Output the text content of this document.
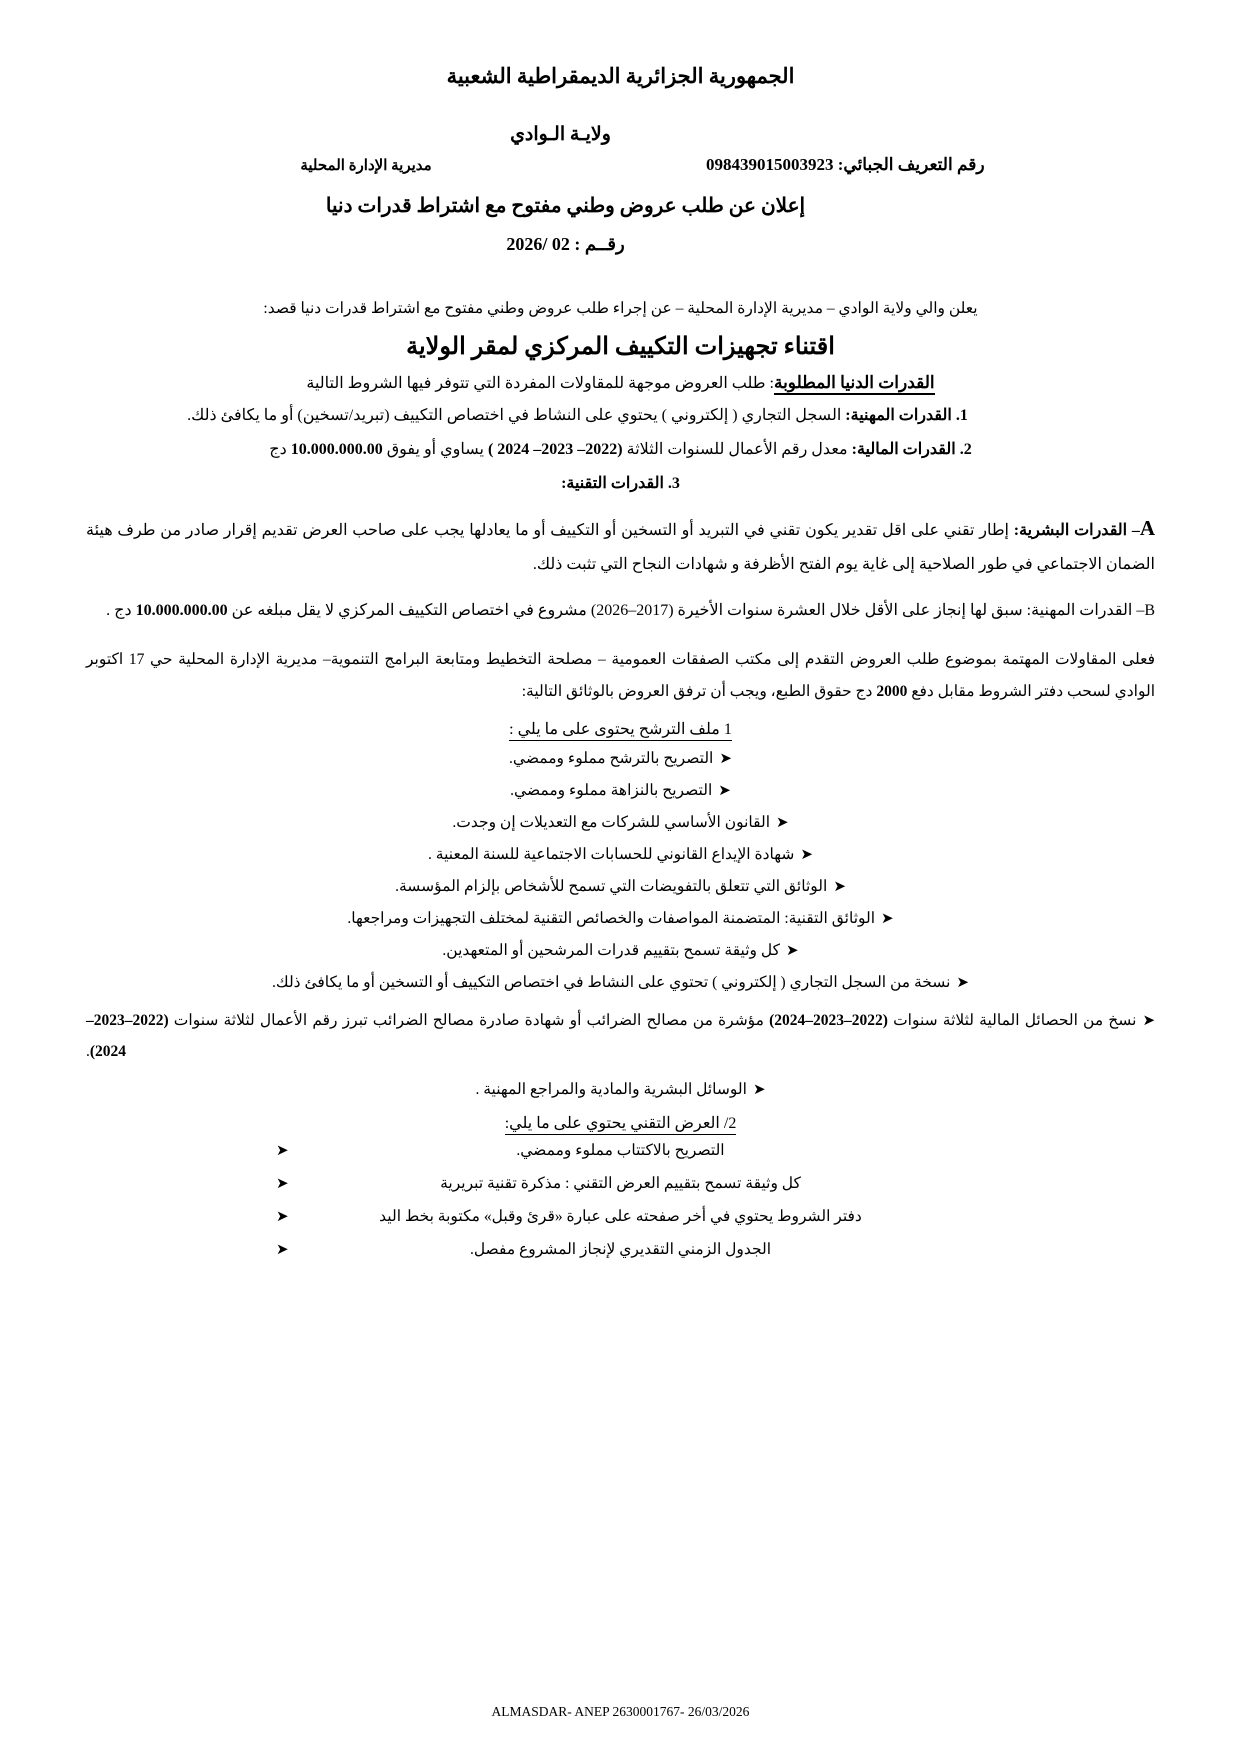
الجمهورية الجزائرية الديمقراطية الشعبية
ولايـة الـوادي
مديرية الإدارة المحلية	رقم التعريف الجبائي: 098439015003923
إعلان عن طلب عروض وطني مفتوح مع اشتراط قدرات دنيا
رقــم : 02 /2026
يعلن والي ولاية الوادي – مديرية الإدارة المحلية – عن إجراء طلب عروض وطني مفتوح مع اشتراط قدرات دنيا قصد:
اقتناء تجهيزات التكييف المركزي لمقر الولاية
القدرات الدنيا المطلوبة: طلب العروض موجهة للمقاولات المفردة التي تتوفر فيها الشروط التالية
1. القدرات المهنية: السجل التجاري ( إلكتروني ) يحتوي على النشاط في اختصاص التكييف (تبريد/تسخين) أو ما يكافئ ذلك.
2. القدرات المالية: معدل رقم الأعمال للسنوات الثلاثة (2022– 2023– 2024 ) يساوي أو يفوق 10.000.000.00 دج
3. القدرات التقنية:
A– القدرات البشرية: إطار تقني على اقل تقدير يكون تقني في التبريد أو التسخين أو التكييف أو ما يعادلها يجب على صاحب العرض تقديم إقرار صادر من طرف هيئة الضمان الاجتماعي في طور الصلاحية إلى غاية يوم الفتح الأظرفة و شهادات النجاح التي تثبت ذلك.
B– القدرات المهنية: سبق لها إنجاز على الأقل خلال العشرة سنوات الأخيرة (2017–2026) مشروع في اختصاص التكييف المركزي لا يقل مبلغه عن 10.000.000.00 دج .
فعلى المقاولات المهتمة بموضوع طلب العروض التقدم إلى مكتب الصفقات العمومية – مصلحة التخطيط ومتابعة البرامج التنموية– مديرية الإدارة المحلية حي 17 اكتوبر الوادي لسحب دفتر الشروط مقابل دفع 2000 دج حقوق الطبع، ويجب أن ترفق العروض بالوثائق التالية:
1 ملف الترشح يحتوى على ما يلي :
➤التصريح بالترشح مملوء وممضي.
➤التصريح بالنزاهة مملوء وممضي.
➤القانون الأساسي للشركات مع التعديلات إن وجدت.
➤شهادة الإيداع القانوني للحسابات الاجتماعية للسنة المعنية .
➤الوثائق التي تتعلق بالتفويضات التي تسمح للأشخاص بإلزام المؤسسة.
➤الوثائق التقنية: المتضمنة المواصفات والخصائص التقنية لمختلف التجهيزات ومراجعها.
➤كل وثيقة تسمح بتقييم قدرات المرشحين أو المتعهدين.
➤نسخة من السجل التجاري ( إلكتروني ) تحتوي على النشاط في اختصاص التكييف أو التسخين أو ما يكافئ ذلك.
➤نسخ من الحصائل المالية لثلاثة سنوات (2022–2023–2024) مؤشرة من مصالح الضرائب أو شهادة صادرة مصالح الضرائب تبرز رقم الأعمال لثلاثة سنوات (2022–2023–2024).
➤الوسائل البشرية والمادية والمراجع المهنية .
2/ العرض التقني يحتوي على ما يلي:
➤	التصريح بالاكتتاب مملوء وممضي.
➤	كل وثيقة تسمح بتقييم العرض التقني : مذكرة تقنية تبريرية
➤	دفتر الشروط يحتوي في أخر صفحته على عبارة «قرئ وقبل» مكتوبة بخط اليد
➤	الجدول الزمني التقديري لإنجاز المشروع مفصل.
ALMASDAR- ANEP 2630001767- 26/03/2026
